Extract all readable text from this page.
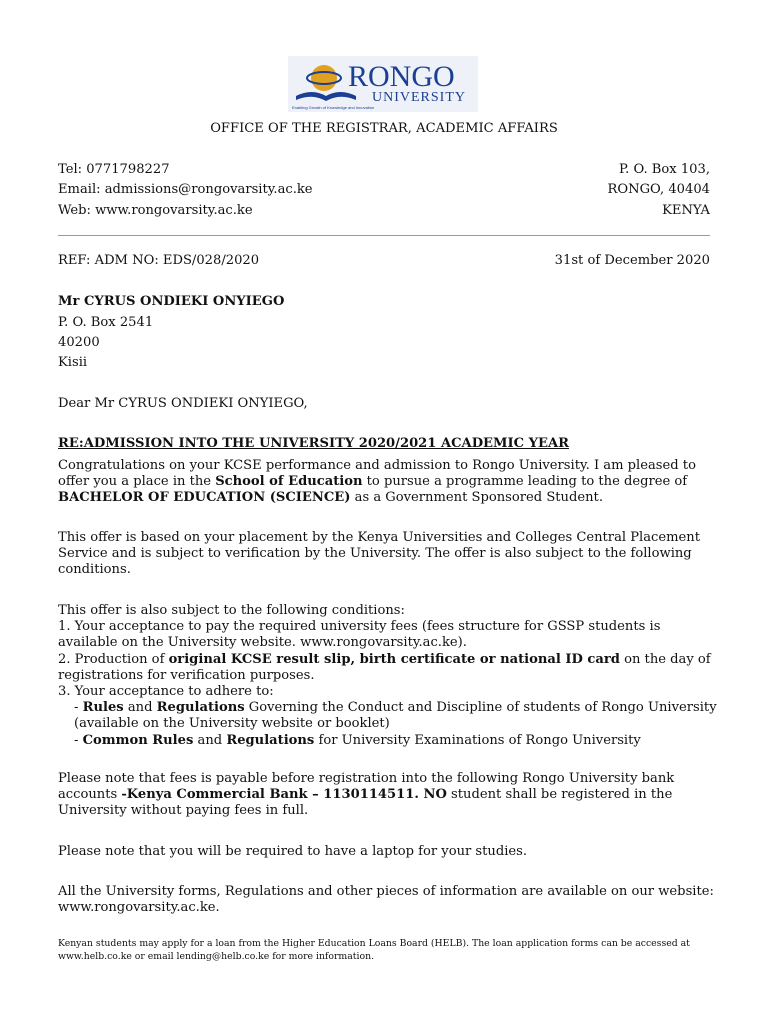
RONGO
UNIVERSITY
Enabling Growth of Knowledge and Innovation
OFFICE OF THE REGISTRAR, ACADEMIC AFFAIRS
Tel: 0771798227	P. O. Box 103,
Email: admissions@rongovarsity.ac.ke	RONGO, 40404
Web: www.rongovarsity.ac.ke	KENYA
REF: ADM NO: EDS/028/2020	31st of December 2020
Mr CYRUS ONDIEKI ONYIEGO
P. O. Box 2541
40200
Kisii
Dear Mr CYRUS ONDIEKI ONYIEGO,
RE:ADMISSION INTO THE UNIVERSITY 2020/2021 ACADEMIC YEAR
Congratulations on your KCSE performance and admission to Rongo University. I am pleased to offer you a place in the School of Education to pursue a programme leading to the degree of BACHELOR OF EDUCATION (SCIENCE) as a Government Sponsored Student.
This offer is based on your placement by the Kenya Universities and Colleges Central Placement Service and is subject to verification by the University. The offer is also subject to the following conditions.
This offer is also subject to the following conditions:
1. Your acceptance to pay the required university fees (fees structure for GSSP students is available on the University website. www.rongovarsity.ac.ke).
2. Production of original KCSE result slip, birth certificate or national ID card on the day of registrations for verification purposes.
3. Your acceptance to adhere to:
- Rules and Regulations Governing the Conduct and Discipline of students of Rongo University (available on the University website or booklet)
- Common Rules and Regulations for University Examinations of Rongo University
Please note that fees is payable before registration into the following Rongo University bank accounts -Kenya Commercial Bank – 1130114511. NO student shall be registered in the University without paying fees in full.
Please note that you will be required to have a laptop for your studies.
All the University forms, Regulations and other pieces of information are available on our website: www.rongovarsity.ac.ke.
Kenyan students may apply for a loan from the Higher Education Loans Board (HELB). The loan application forms can be accessed at www.helb.co.ke or email lending@helb.co.ke for more information.
